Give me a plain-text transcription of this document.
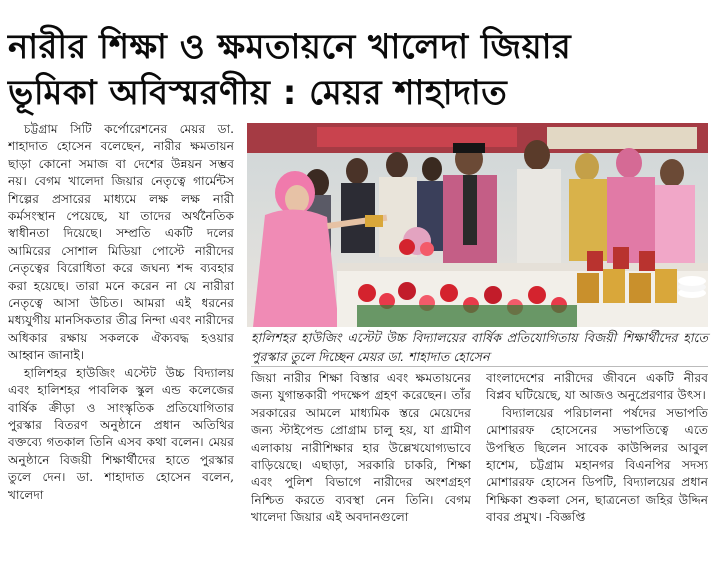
নারীর শিক্ষা ও ক্ষমতায়নে খালেদা জিয়ার
ভূমিকা অবিস্মরণীয় : মেয়র শাহাদাত

চট্টগ্রাম সিটি কর্পোরেশনের মেয়র ডা. শাহাদাত হোসেন বলেছেন, নারীর ক্ষমতায়ন ছাড়া কোনো সমাজ বা দেশের উন্নয়ন সম্ভব নয়। বেগম খালেদা জিয়ার নেতৃত্বে গার্মেন্টস শিল্পের প্রসারের মাধ্যমে লক্ষ লক্ষ নারী কর্মসংস্থান পেয়েছে, যা তাদের অর্থনৈতিক স্বাধীনতা দিয়েছে। সম্প্রতি একটি দলের আমিরের সোশাল মিডিয়া পোস্টে নারীদের নেতৃত্বের বিরোধিতা করে জঘন্য শব্দ ব্যবহার করা হয়েছে। তারা মনে করেন না যে নারীরা নেতৃত্বে আসা উচিত। আমরা এই ধরনের মধ্যযুগীয় মানসিকতার তীব্র নিন্দা এবং নারীদের অধিকার রক্ষায় সকলকে ঐক্যবদ্ধ হওয়ার আহ্বান জানাই।

হালিশহর হাউজিং এস্টেট উচ্চ বিদ্যালয় এবং হালিশহর পাবলিক স্কুল এন্ড কলেজের বার্ষিক ক্রীড়া ও সাংস্কৃতিক প্রতিযোগিতার পুরস্কার বিতরণ অনুষ্ঠানে প্রধান অতিথির বক্তব্যে গতকাল তিনি এসব কথা বলেন। মেয়র অনুষ্ঠানে বিজয়ী শিক্ষার্থীদের হাতে পুরস্কার তুলে দেন। ডা. শাহাদাত হোসেন বলেন, খালেদা

হালিশহর হাউজিং এস্টেট উচ্চ বিদ্যালয়ের বার্ষিক প্রতিযোগিতায় বিজয়ী শিক্ষার্থীদের হাতে পুরস্কার তুলে দিচ্ছেন মেয়র ডা. শাহাদাত হোসেন

জিয়া নারীর শিক্ষা বিস্তার এবং ক্ষমতায়নের জন্য যুগান্তকারী পদক্ষেপ গ্রহণ করেছেন। তাঁর সরকারের আমলে মাধ্যমিক স্তরে মেয়েদের জন্য স্টাইপেন্ড প্রোগ্রাম চালু হয়, যা গ্রামীণ এলাকায় নারীশিক্ষার হার উল্লেখযোগ্যভাবে বাড়িয়েছে। এছাড়া, সরকারি চাকরি, শিক্ষা এবং পুলিশ বিভাগে নারীদের অংশগ্রহণ নিশ্চিত করতে ব্যবস্থা নেন তিনি। বেগম খালেদা জিয়ার এই অবদানগুলো

বাংলাদেশের নারীদের জীবনে একটি নীরব বিপ্লব ঘটিয়েছে, যা আজও অনুপ্রেরণার উৎস।

বিদ্যালয়ের পরিচালনা পর্ষদের সভাপতি মোশাররফ হোসেনের সভাপতিত্বে এতে উপস্থিত ছিলেন সাবেক কাউন্সিলর আবুল হাশেম, চট্টগ্রাম মহানগর বিএনপির সদস্য মোশাররফ হোসেন ডিপটি, বিদ্যালয়ের প্রধান শিক্ষিকা শুকলা সেন, ছাত্রনেতা জহির উদ্দিন বাবর প্রমুখ। -বিজ্ঞপ্তি
